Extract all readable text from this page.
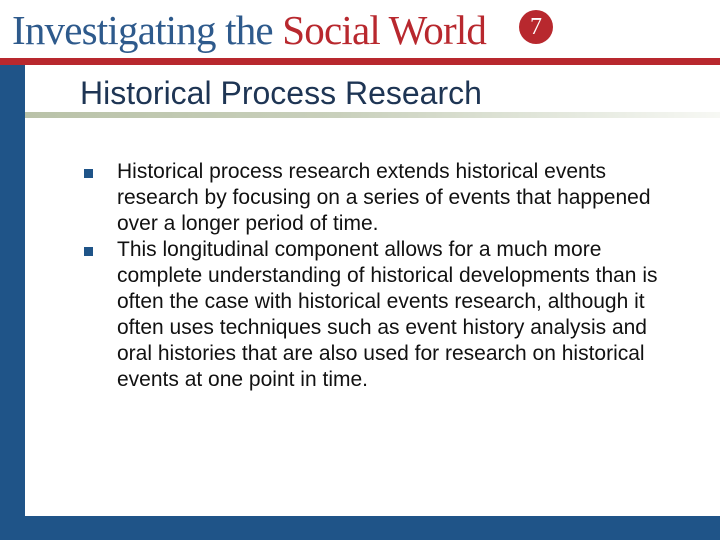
Investigating the Social World	7
Historical Process Research
Historical process research extends historical events research by focusing on a series of events that happened over a longer period of time.
This longitudinal component allows for a much more complete understanding of historical developments than is often the case with historical events research, although it often uses techniques such as event history analysis and oral histories that are also used for research on historical events at one point in time.
